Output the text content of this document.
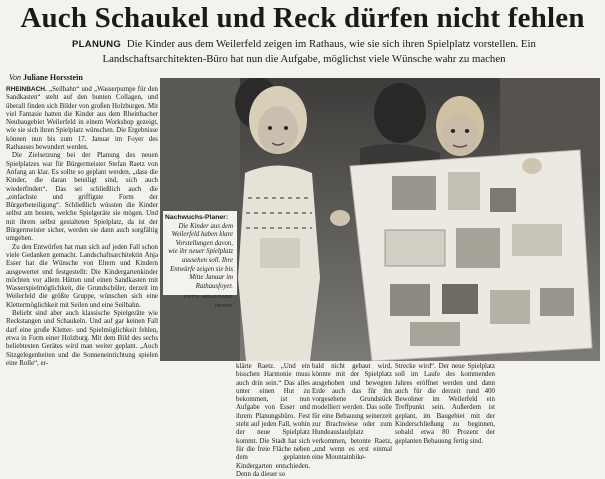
Auch Schaukel und Reck dürfen nicht fehlen
PLANUNG Die Kinder aus dem Weilerfeld zeigen im Rathaus, wie sie sich ihren Spielplatz vorstellen. Ein Landschaftsarchitekten-Büro hat nun die Aufgabe, möglichst viele Wünsche wahr zu machen
Von Juliane Horsstein

RHEINBACH. „Seilbahn“ und „Wasserpumpe für den Sandkasten“ steht auf den bunten Collagen, und überall finden sich Bilder von großen Holzburgen. Mit viel Fantasie hatten die Kinder aus dem Rheinbacher Neubaugebiet Weilerfeld in einem Workshop gezeigt, wie sie sich ihren Spielplatz wünschen. Die Ergebnisse können nun bis zum 17. Januar im Foyer des Rathauses bewundert werden.

Die Zielsetzung bei der Planung des neuen Spielplatzes war für Bürgermeister Stefan Raetz von Anfang an klar. Es sollte so geplant werden, „dass die Kinder, die daran beteiligt sind, sich auch wiederfinden“. Das sei schließlich auch die „einfachste und griffigste Form der Bürgerbeteiligung“. Schließlich wüssten die Kinder selbst am besten, welche Spielgeräte sie mögen. Und mit ihrem selbst gestalteten Spielplatz, da ist der Bürgermeister sicher, werden sie dann auch sorgfältig umgehen.

Zu den Entwürfen hat man sich auf jeden Fall schon viele Gedanken gemacht. Landschaftsarchitektin Anja Esser hat die Wünsche von Eltern und Kindern ausgewertet und festgestellt: Die Kindergartenkinder möchten vor allem Hütten und einen Sandkasten mit Wasserspielmöglichkeit, die Grundschüler, derzeit im Weilerfeld die größte Gruppe, wünschen sich eine Klettermöglichkeit mit Seilen und eine Seilbahn.

Beliebt sind aber auch klassische Spielgeräte wie Reckstangen und Schaukeln. Und auf gar keinen Fall darf eine große Kletter- und Spielmöglichkeit fehlen, etwa in Form einer Holzburg. Mit dem Bild des sechs beliebtesten Gerätes wird man weiter geplant. „Auch Sitzgelegenheiten und die Sonneneinrichtung spielen eine Rolle“, er-

Nachwuchs-Planer:
Die Kinder aus dem Weilerfeld haben klare Vorstellungen davon, wie ihr neuer Spielplatz aussehen soll. Ihre Entwürfe zeigen sie bis Mitte Januar im Rathausfoyer.
FOTO: WOLFGANG HENRY
klärte Raetz. „Und ein bisschen Harmonie muss auch drin sein.“ Das alles unter einen Hut zu bekommen, ist nun Aufgabe von Esser und ihrem Planungsbüro. Fest steht auf jeden Fall, wohin der neue Spielplatz kommt. Die Stadt hat sich für die freie Fläche neben dem geplanten Kindergarten entschieden. Denn da dieser so
bald nicht gebaut wird, könnte mit der Spielplatz ausgehoben und bewegten Erde auch das für ihn vorgesehene Grundstück modelliert werden. Das solle für eine Bebauung seinerzeit zur Brachwiese oder zum Hundeauslaufplatz verkommen, betonte Raetz, „und wenn es erst einmal eine Mountainbike-
Strecke wird“. Der neue Spielplatz soll im Laufe des kommenden Jahres eröffnet werden und dann auch für die derzeit rund 400 Bewohner im Weilerfeld ein Treffpunkt sein. Außerdem ist geplant, im Baugebiet mit der Kinderschließung zu beginnen, sobald etwa 80 Prozent der geplanten Bebauung fertig sind.
